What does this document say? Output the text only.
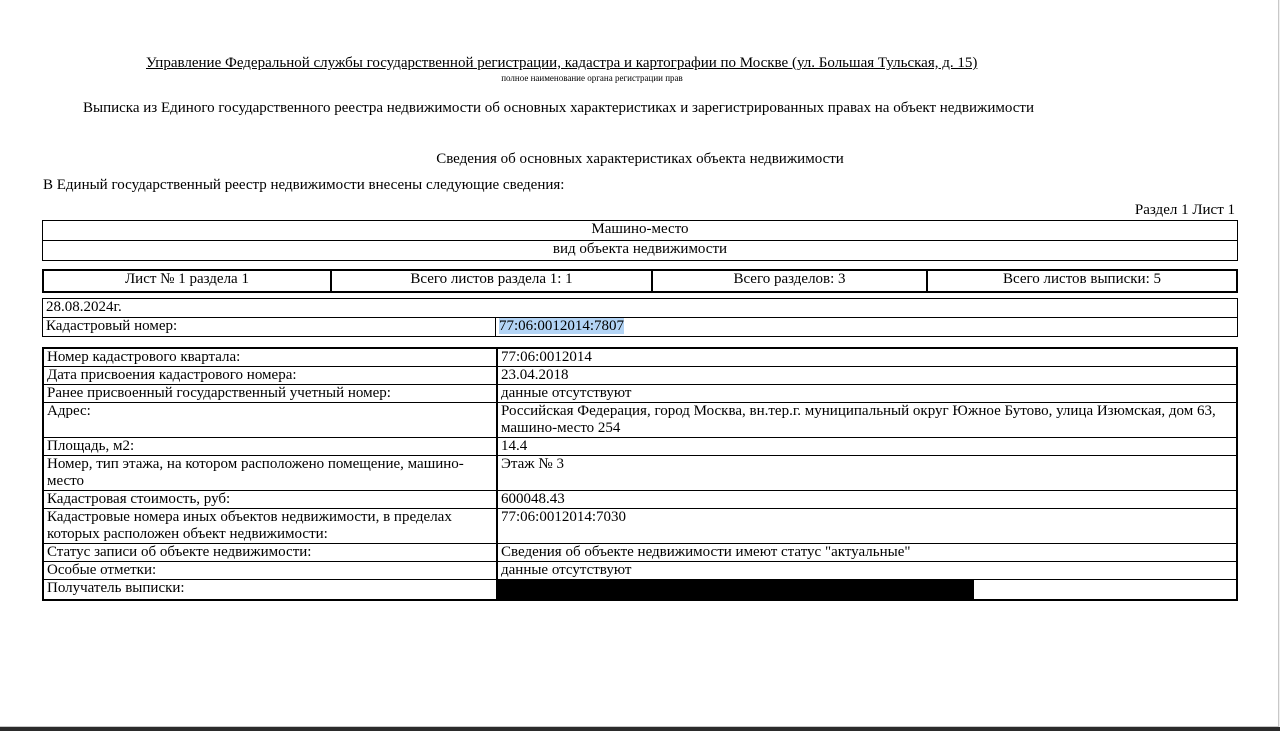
Управление Федеральной службы государственной регистрации, кадастра и картографии по Москве (ул. Большая Тульская, д. 15)
полное наименование органа регистрации прав
Выписка из Единого государственного реестра недвижимости об основных характеристиках и зарегистрированных правах на объект недвижимости
Сведения об основных характеристиках объекта недвижимости
В Единый государственный реестр недвижимости внесены следующие сведения:
Раздел 1 Лист 1
Машино-место
вид объекта недвижимости
Лист № 1 раздела 1	Всего листов раздела 1: 1	Всего разделов: 3	Всего листов выписки: 5
28.08.2024г.
Кадастровый номер:	77:06:0012014:7807
Номер кадастрового квартала:	77:06:0012014
Дата присвоения кадастрового номера:	23.04.2018
Ранее присвоенный государственный учетный номер:	данные отсутствуют
Адрес:	Российская Федерация, город Москва, вн.тер.г. муниципальный округ Южное Бутово, улица Изюмская, дом 63, машино-место 254
Площадь, м2:	14.4
Номер, тип этажа, на котором расположено помещение, машино-место	Этаж № 3
Кадастровая стоимость, руб:	600048.43
Кадастровые номера иных объектов недвижимости, в пределах которых расположен объект недвижимости:	77:06:0012014:7030
Статус записи об объекте недвижимости:	Сведения об объекте недвижимости имеют статус "актуальные"
Особые отметки:	данные отсутствуют
Получатель выписки:	
